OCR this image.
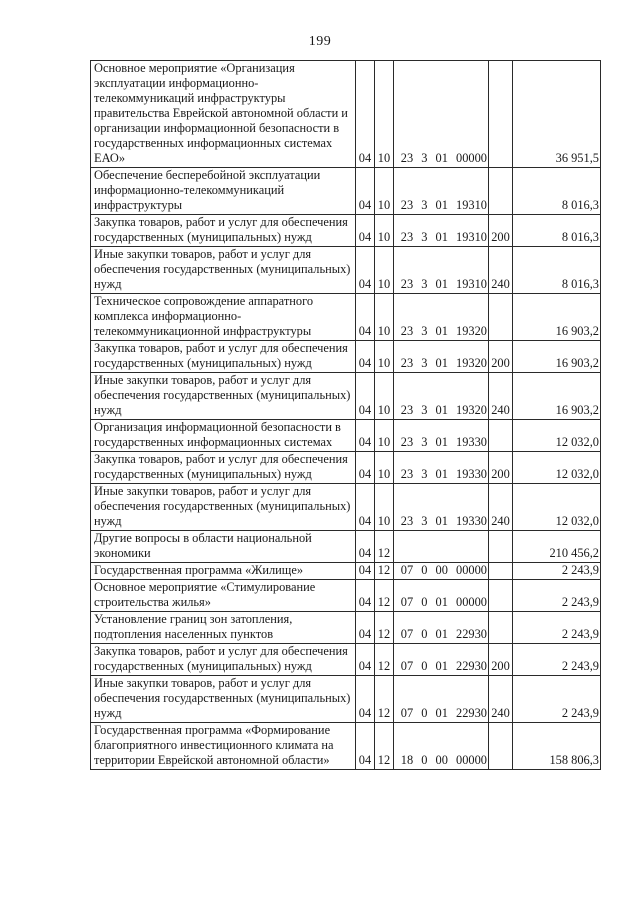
199
Основное мероприятие «Организация эксплуатации информационно-телекоммуникаций инфраструктуры правительства Еврейской автономной области и организации информационной безопасности в государственных информационных системах ЕАО»	04	10	23 3 01 00000		36 951,5
Обеспечение бесперебойной эксплуатации информационно-телекоммуникаций инфраструктуры	04	10	23 3 01 19310		8 016,3
Закупка товаров, работ и услуг для обеспечения государственных (муниципальных) нужд	04	10	23 3 01 19310	200	8 016,3
Иные закупки товаров, работ и услуг для обеспечения государственных (муниципальных) нужд	04	10	23 3 01 19310	240	8 016,3
Техническое сопровождение аппаратного комплекса информационно-телекоммуникационной инфраструктуры	04	10	23 3 01 19320		16 903,2
Закупка товаров, работ и услуг для обеспечения государственных (муниципальных) нужд	04	10	23 3 01 19320	200	16 903,2
Иные закупки товаров, работ и услуг для обеспечения государственных (муниципальных) нужд	04	10	23 3 01 19320	240	16 903,2
Организация информационной безопасности в государственных информационных системах	04	10	23 3 01 19330		12 032,0
Закупка товаров, работ и услуг для обеспечения государственных (муниципальных) нужд	04	10	23 3 01 19330	200	12 032,0
Иные закупки товаров, работ и услуг для обеспечения государственных (муниципальных) нужд	04	10	23 3 01 19330	240	12 032,0
Другие вопросы в области национальной экономики	04	12			210 456,2
Государственная программа «Жилище»	04	12	07 0 00 00000		2 243,9
Основное мероприятие «Стимулирование строительства жилья»	04	12	07 0 01 00000		2 243,9
Установление границ зон затопления, подтопления населенных пунктов	04	12	07 0 01 22930		2 243,9
Закупка товаров, работ и услуг для обеспечения государственных (муниципальных) нужд	04	12	07 0 01 22930	200	2 243,9
Иные закупки товаров, работ и услуг для обеспечения государственных (муниципальных) нужд	04	12	07 0 01 22930	240	2 243,9
Государственная программа «Формирование благоприятного инвестиционного климата на территории Еврейской автономной области»	04	12	18 0 00 00000		158 806,3
